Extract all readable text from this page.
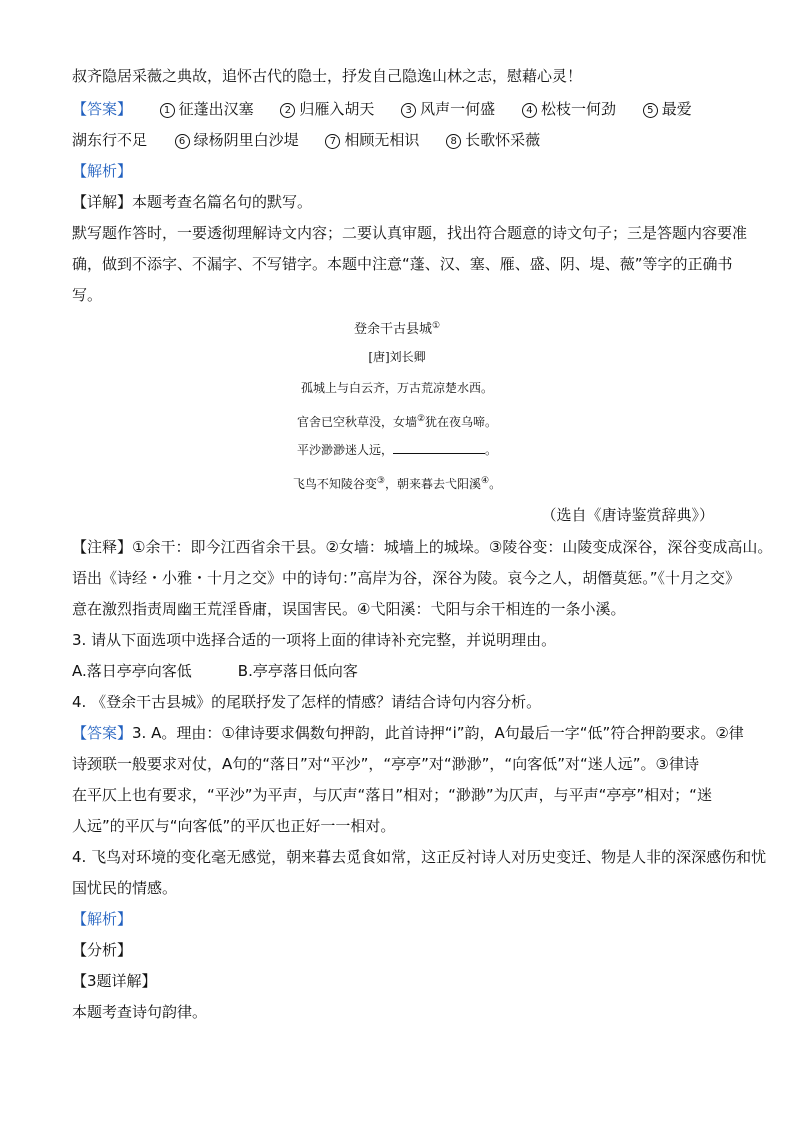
叔齐隐居采薇之典故，追怀古代的隐士，抒发自己隐逸山林之志，慰藉心灵！
【答案】	1 征蓬出汉塞	2 归雁入胡天	3 风声一何盛	4 松枝一何劲	5 最爱
湖东行不足	6 绿杨阴里白沙堤	7 相顾无相识	8 长歌怀采薇
【解析】
【详解】本题考查名篇名句的默写。
默写题作答时，一要透彻理解诗文内容；二要认真审题，找出符合题意的诗文句子；三是答题内容要准
确，做到不添字、不漏字、不写错字。本题中注意“蓬、汉、塞、雁、盛、阴、堤、薇”等字的正确书
写。
登余干古县城①
[唐]刘长卿
孤城上与白云齐，万古荒凉楚水西。
官舍已空秋草没，女墙②犹在夜乌啼。
平沙渺渺迷人远，	。
飞鸟不知陵谷变③，朝来暮去弋阳溪④。
（选自《唐诗鉴赏辞典》）
【注释】①余干：即今江西省余干县。②女墙：城墙上的城垛。③陵谷变：山陵变成深谷，深谷变成高山。
语出《诗经・小雅・十月之交》中的诗句：”高岸为谷，深谷为陵。哀今之人，胡僭莫惩。”《十月之交》
意在激烈指责周幽王荒淫昏庸，误国害民。④弋阳溪：弋阳与余干相连的一条小溪。
3. 请从下面选项中选择合适的一项将上面的律诗补充完整，并说明理由。
A.落日亭亭向客低	B.亭亭落日低向客
4. 《登余干古县城》的尾联抒发了怎样的情感？请结合诗句内容分析。
【答案】3. A。理由：①律诗要求偶数句押韵，此首诗押“i”韵，A句最后一字“低”符合押韵要求。②律
诗颈联一般要求对仗，A句的“落日”对“平沙”，“亭亭”对“渺渺”，“向客低”对“迷人远”。③律诗
在平仄上也有要求，“平沙”为平声，与仄声“落日”相对；“渺渺”为仄声，与平声“亭亭”相对；“迷
人远”的平仄与“向客低”的平仄也正好一一相对。
4. 飞鸟对环境的变化毫无感觉，朝来暮去觅食如常，这正反衬诗人对历史变迁、物是人非的深深感伤和忧
国忧民的情感。
【解析】
【分析】
【3题详解】
本题考查诗句韵律。
